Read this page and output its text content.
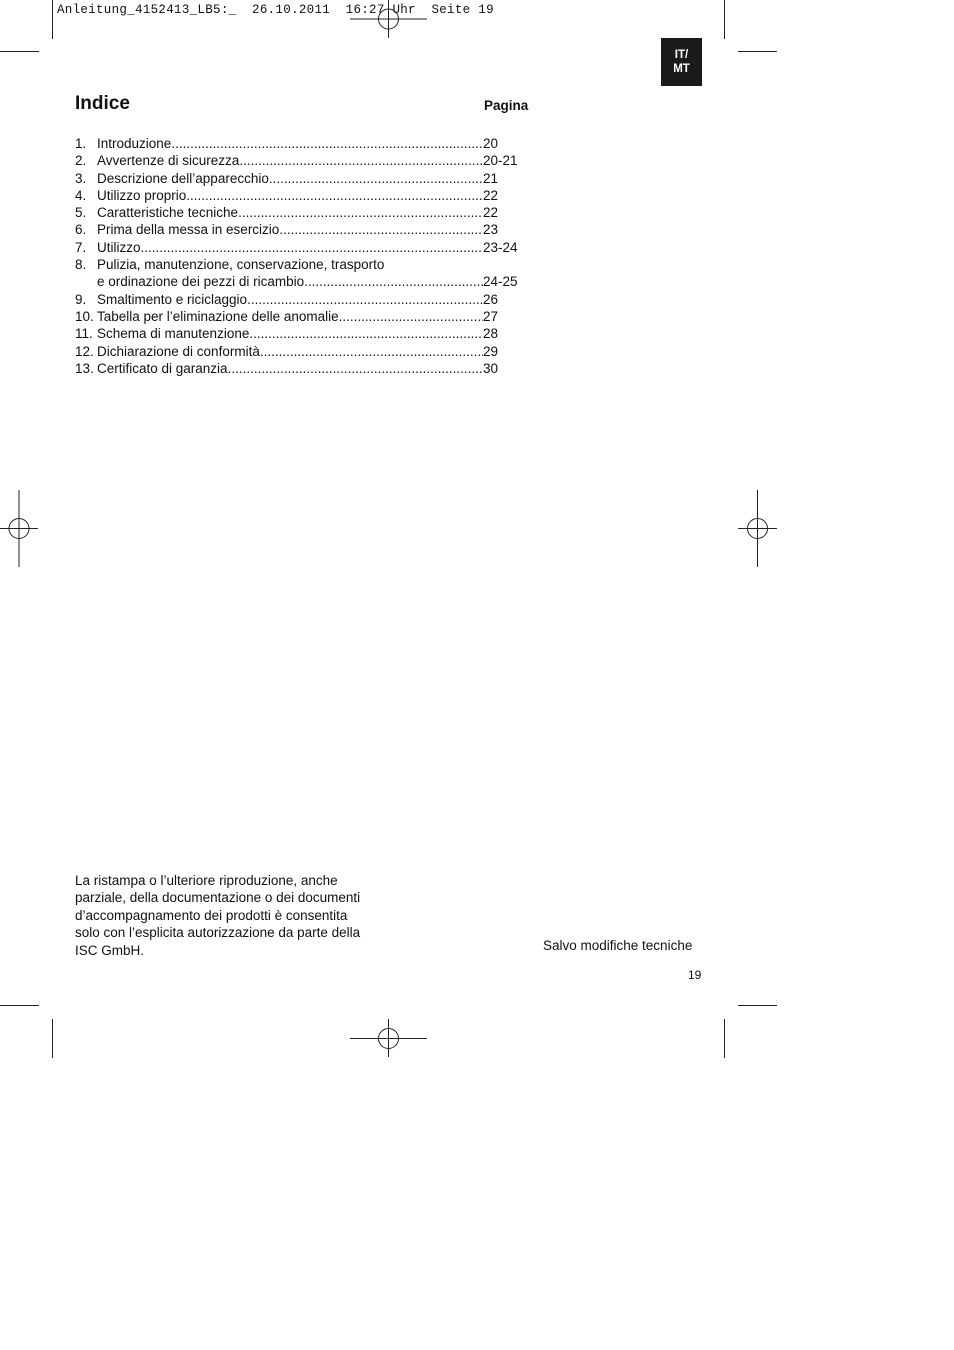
Anleitung_4152413_LB5:_  26.10.2011  16:27 Uhr  Seite 19
IT/
MT
Indice	Pagina
1. Introduzione .....	20
2. Avvertenze di sicurezza .....	20-21
3. Descrizione dell’apparecchio .....	21
4. Utilizzo proprio .....	22
5. Caratteristiche tecniche .....	22
6. Prima della messa in esercizio .....	23
7. Utilizzo .....	23-24
8. Pulizia, manutenzione, conservazione, trasporto
e ordinazione dei pezzi di ricambio .....	24-25
9. Smaltimento e riciclaggio .....	26
10. Tabella per l’eliminazione delle anomalie .....	27
11. Schema di manutenzione .....	28
12. Dichiarazione di conformità .....	29
13. Certificato di garanzia .....	30
La ristampa o l’ulteriore riproduzione, anche
parziale, della documentazione o dei documenti
d’accompagnamento dei prodotti è consentita
solo con l’esplicita autorizzazione da parte della
ISC GmbH.	Salvo modifiche tecniche
19
